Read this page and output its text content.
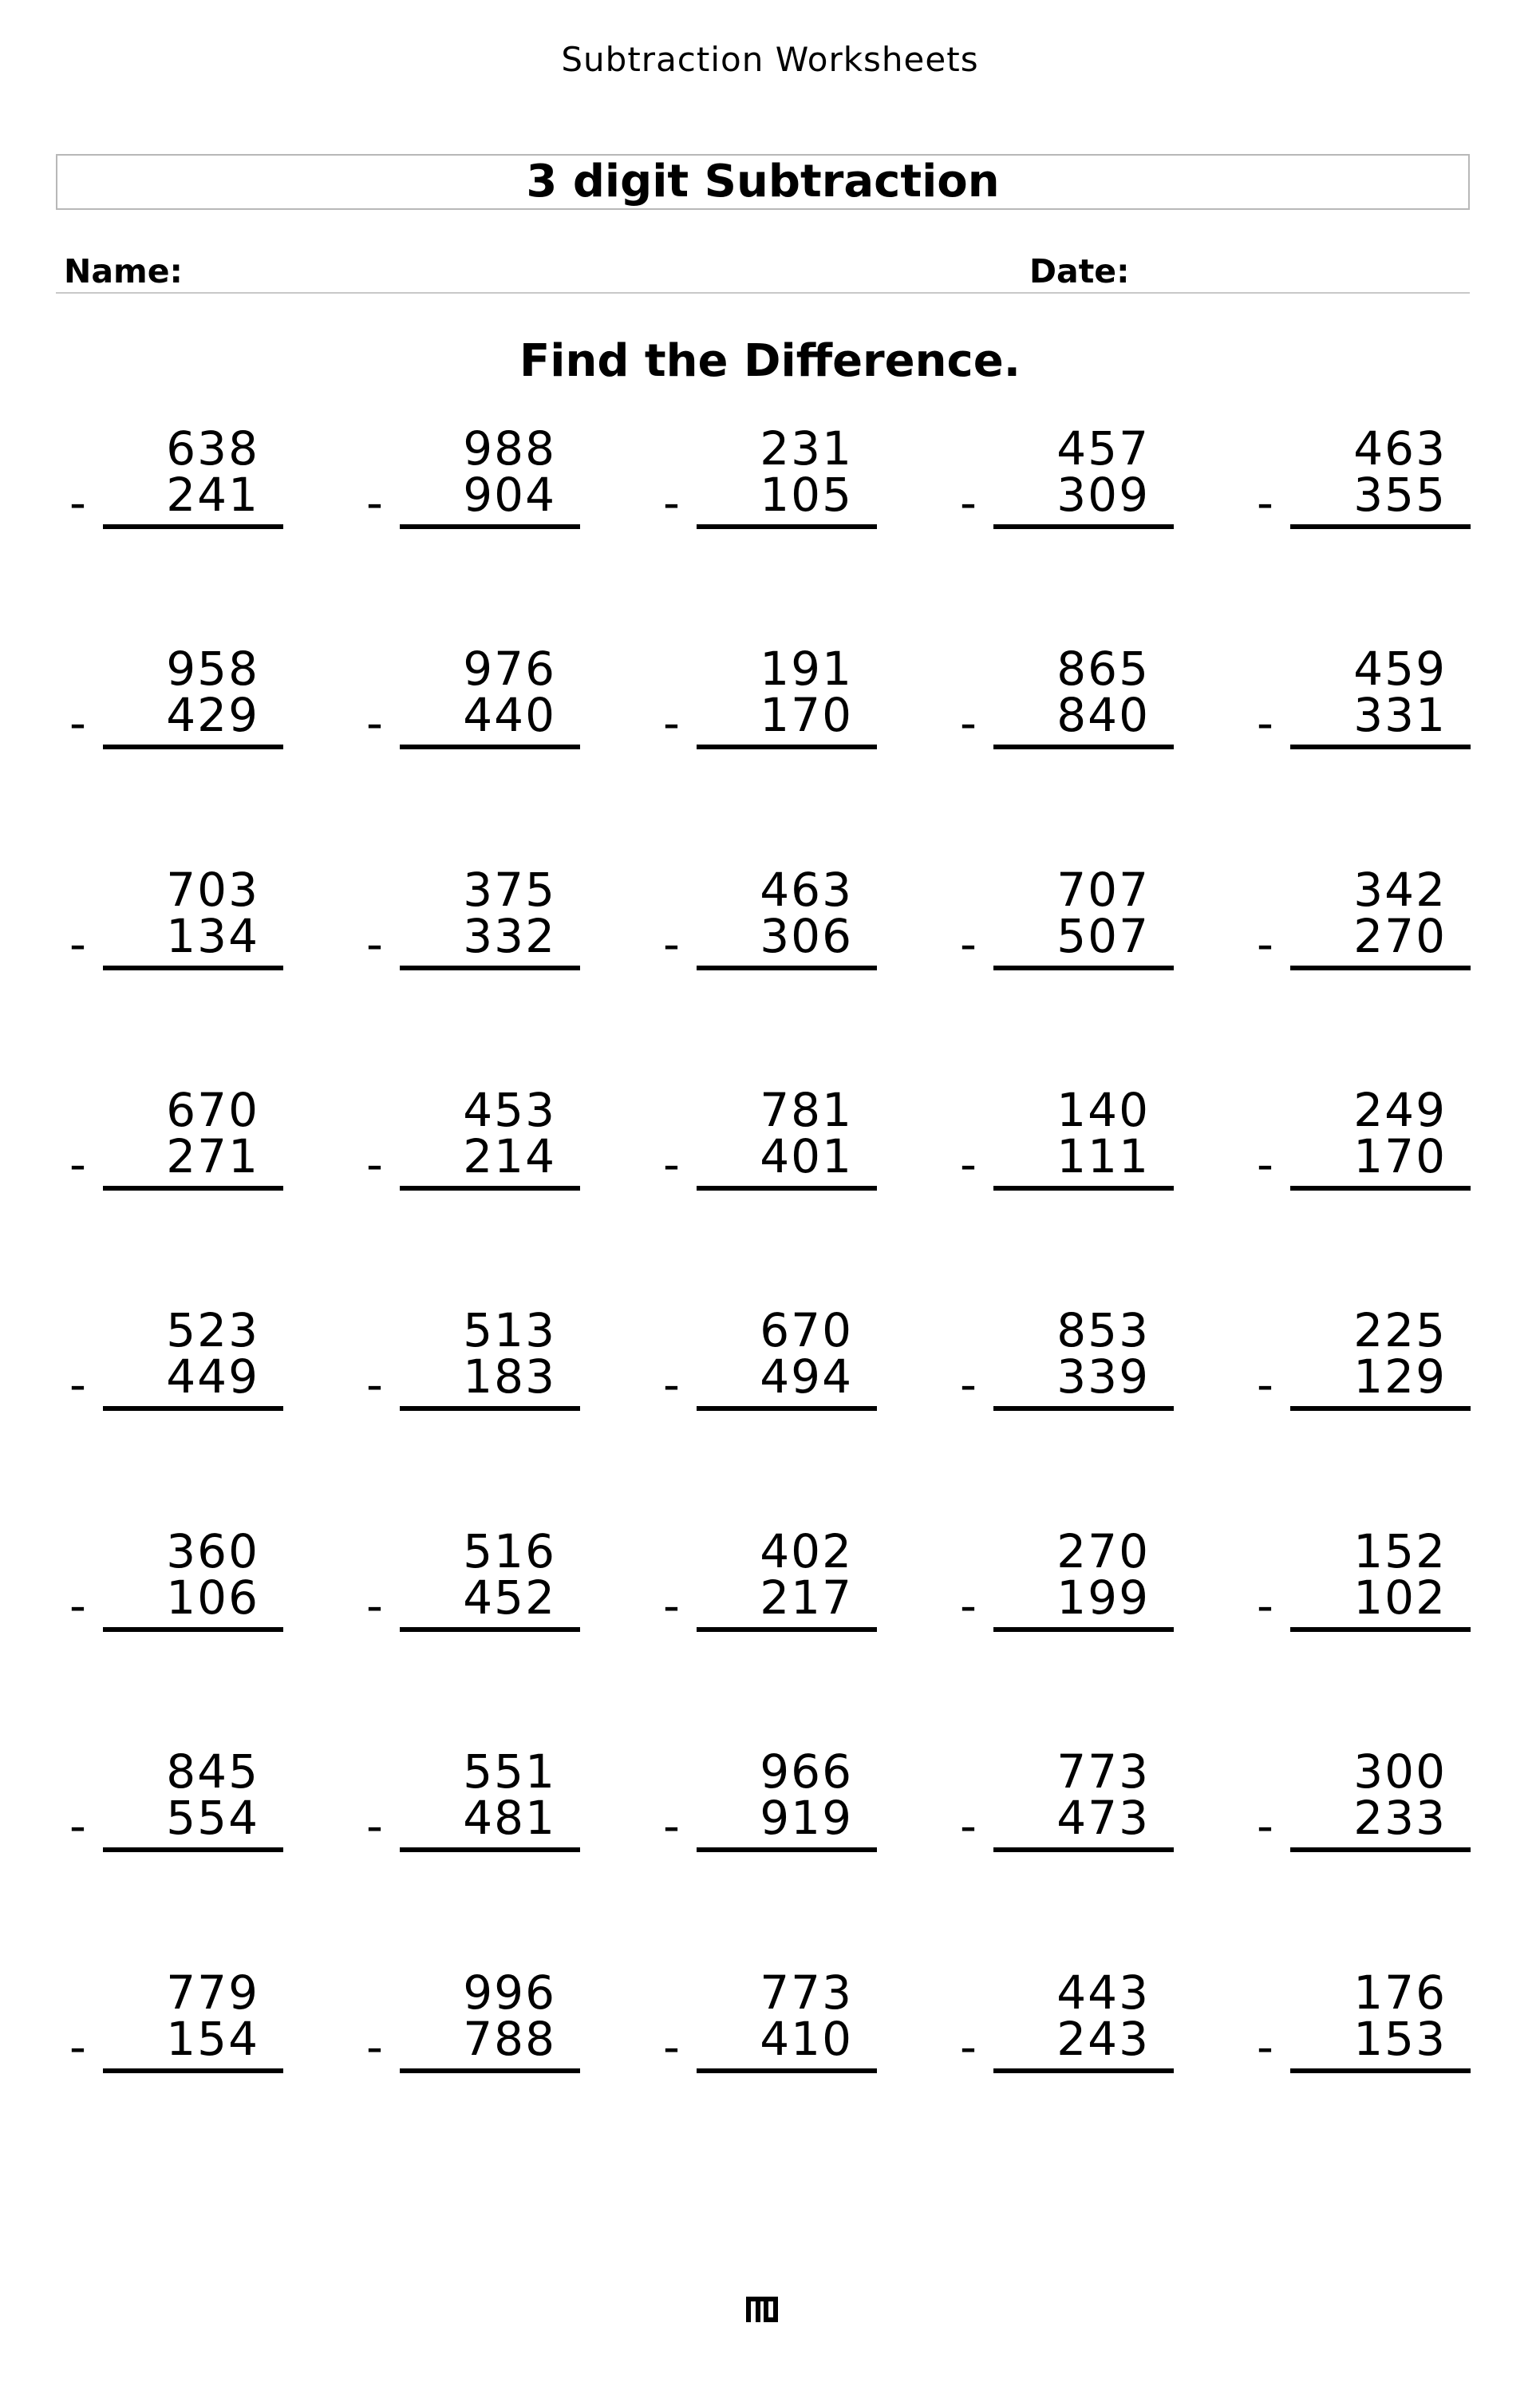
Subtraction Worksheets
3 digit Subtraction
Name:	Date:
Find the Difference.
638
241
-
988
904
-
231
105
-
457
309
-
463
355
-
958
429
-
976
440
-
191
170
-
865
840
-
459
331
-
703
134
-
375
332
-
463
306
-
707
507
-
342
270
-
670
271
-
453
214
-
781
401
-
140
111
-
249
170
-
523
449
-
513
183
-
670
494
-
853
339
-
225
129
-
360
106
-
516
452
-
402
217
-
270
199
-
152
102
-
845
554
-
551
481
-
966
919
-
773
473
-
300
233
-
779
154
-
996
788
-
773
410
-
443
243
-
176
153
-
